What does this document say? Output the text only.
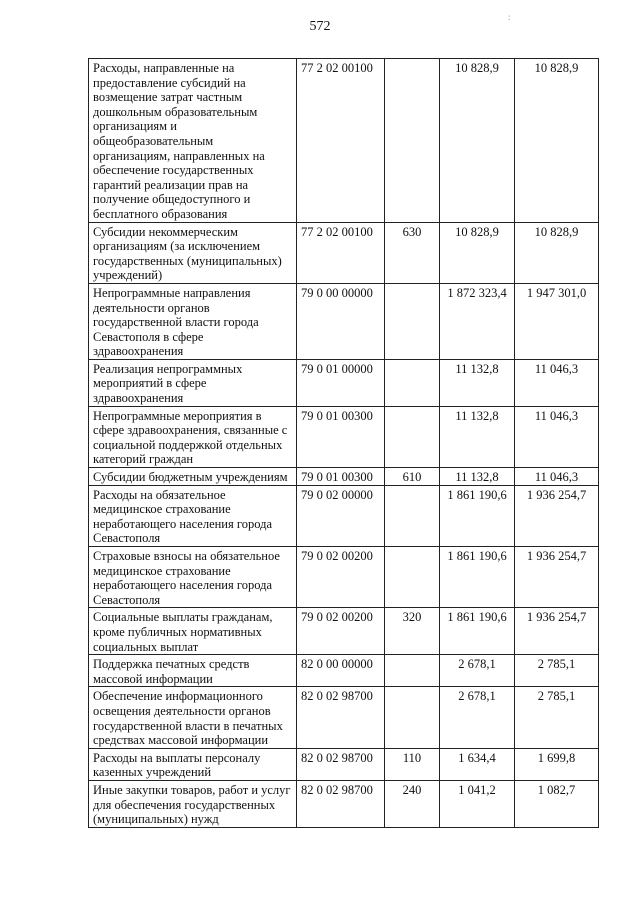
572
:
Расходы, направленные на предоставление субсидий на возмещение затрат частным дошкольным образовательным организациям и общеобразовательным организациям, направленных на обеспечение государственных гарантий реализации прав на получение общедоступного и бесплатного образования	77 2 02 00100		10 828,9	10 828,9
Субсидии некоммерческим организациям (за исключением государственных (муниципальных) учреждений)	77 2 02 00100	630	10 828,9	10 828,9
Непрограммные направления деятельности органов государственной власти города Севастополя в сфере здравоохранения	79 0 00 00000		1 872 323,4	1 947 301,0
Реализация непрограммных мероприятий в сфере здравоохранения	79 0 01 00000		11 132,8	11 046,3
Непрограммные мероприятия в сфере здравоохранения, связанные с социальной поддержкой отдельных категорий граждан	79 0 01 00300		11 132,8	11 046,3
Субсидии бюджетным учреждениям	79 0 01 00300	610	11 132,8	11 046,3
Расходы на обязательное медицинское страхование неработающего населения города Севастополя	79 0 02 00000		1 861 190,6	1 936 254,7
Страховые взносы на обязательное медицинское страхование неработающего населения города Севастополя	79 0 02 00200		1 861 190,6	1 936 254,7
Социальные выплаты гражданам, кроме публичных нормативных социальных выплат	79 0 02 00200	320	1 861 190,6	1 936 254,7
Поддержка печатных средств массовой информации	82 0 00 00000		2 678,1	2 785,1
Обеспечение информационного освещения деятельности органов государственной власти в печатных средствах массовой информации	82 0 02 98700		2 678,1	2 785,1
Расходы на выплаты персоналу казенных учреждений	82 0 02 98700	110	1 634,4	1 699,8
Иные закупки товаров, работ и услуг для обеспечения государственных (муниципальных) нужд	82 0 02 98700	240	1 041,2	1 082,7
